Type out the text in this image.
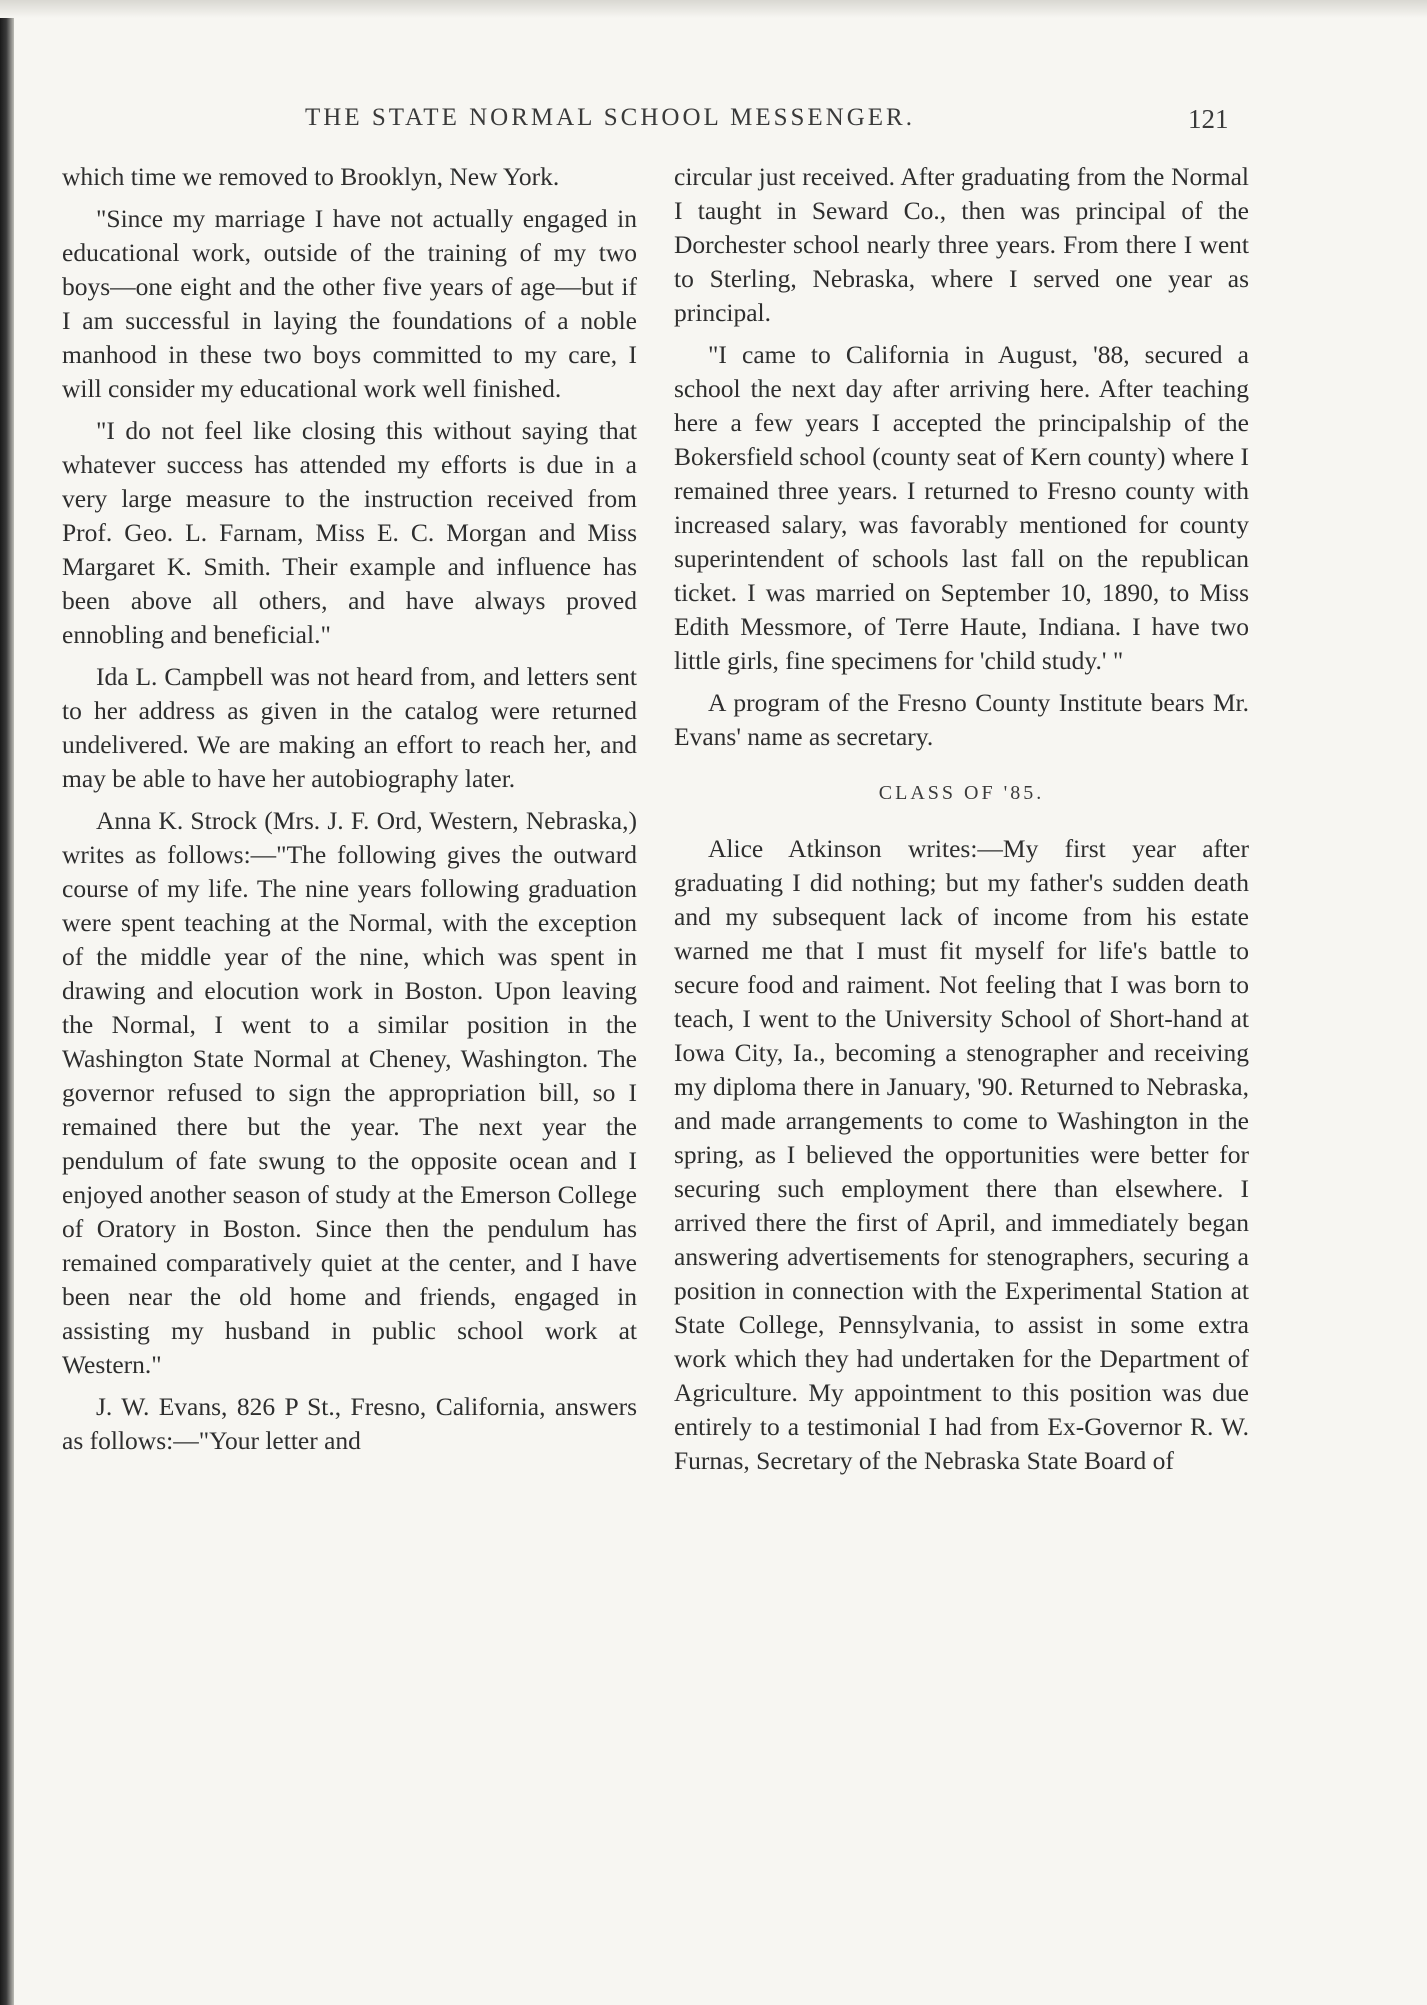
THE STATE NORMAL SCHOOL MESSENGER.	121

which time we removed to Brooklyn, New York.

"Since my marriage I have not actually engaged in educational work, outside of the training of my two boys—one eight and the other five years of age—but if I am successful in laying the foundations of a noble manhood in these two boys committed to my care, I will consider my educational work well finished.

"I do not feel like closing this without saying that whatever success has attended my efforts is due in a very large measure to the instruction received from Prof. Geo. L. Farnam, Miss E. C. Morgan and Miss Margaret K. Smith. Their example and influence has been above all others, and have always proved ennobling and beneficial."

Ida L. Campbell was not heard from, and letters sent to her address as given in the catalog were returned undelivered. We are making an effort to reach her, and may be able to have her autobiography later.

Anna K. Strock (Mrs. J. F. Ord, Western, Nebraska,) writes as follows:—"The following gives the outward course of my life. The nine years following graduation were spent teaching at the Normal, with the exception of the middle year of the nine, which was spent in drawing and elocution work in Boston. Upon leaving the Normal, I went to a similar position in the Washington State Normal at Cheney, Washington. The governor refused to sign the appropriation bill, so I remained there but the year. The next year the pendulum of fate swung to the opposite ocean and I enjoyed another season of study at the Emerson College of Oratory in Boston. Since then the pendulum has remained comparatively quiet at the center, and I have been near the old home and friends, engaged in assisting my husband in public school work at Western."

J. W. Evans, 826 P St., Fresno, California, answers as follows:—"Your letter and

circular just received. After graduating from the Normal I taught in Seward Co., then was principal of the Dorchester school nearly three years. From there I went to Sterling, Nebraska, where I served one year as principal.

"I came to California in August, '88, secured a school the next day after arriving here. After teaching here a few years I accepted the principalship of the Bokersfield school (county seat of Kern county) where I remained three years. I returned to Fresno county with increased salary, was favorably mentioned for county superintendent of schools last fall on the republican ticket. I was married on September 10, 1890, to Miss Edith Messmore, of Terre Haute, Indiana. I have two little girls, fine specimens for 'child study.' "

A program of the Fresno County Institute bears Mr. Evans' name as secretary.

CLASS OF '85.

Alice Atkinson writes:—My first year after graduating I did nothing; but my father's sudden death and my subsequent lack of income from his estate warned me that I must fit myself for life's battle to secure food and raiment. Not feeling that I was born to teach, I went to the University School of Short-hand at Iowa City, Ia., becoming a stenographer and receiving my diploma there in January, '90. Returned to Nebraska, and made arrangements to come to Washington in the spring, as I believed the opportunities were better for securing such employment there than elsewhere. I arrived there the first of April, and immediately began answering advertisements for stenographers, securing a position in connection with the Experimental Station at State College, Pennsylvania, to assist in some extra work which they had undertaken for the Department of Agriculture. My appointment to this position was due entirely to a testimonial I had from Ex-Governor R. W. Furnas, Secretary of the Nebraska State Board of
